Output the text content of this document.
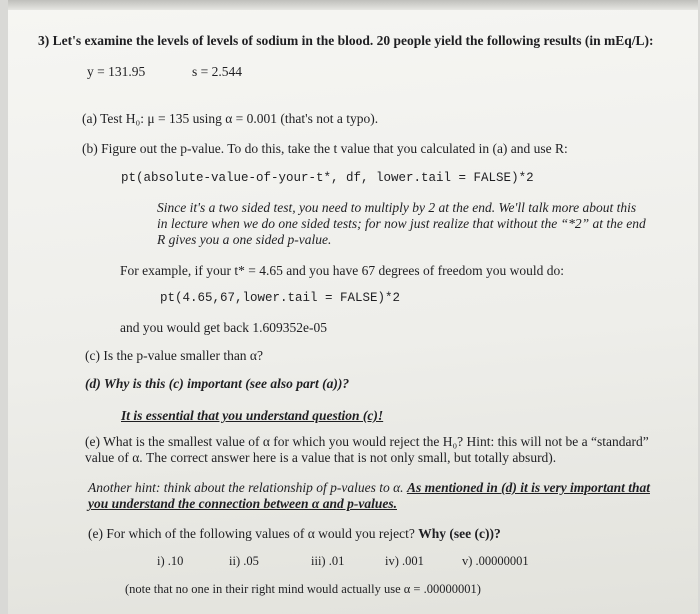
3) Let's examine the levels of levels of sodium in the blood. 20 people yield the following results (in mEq/L):
y = 131.95	s = 2.544
(a) Test H₀: μ = 135 using α = 0.001 (that's not a typo).
(b) Figure out the p-value. To do this, take the t value that you calculated in (a) and use R:
pt(absolute-value-of-your-t*, df, lower.tail = FALSE)*2
Since it's a two sided test, you need to multiply by 2 at the end. We'll talk more about this
in lecture when we do one sided tests; for now just realize that without the “*2” at the end
R gives you a one sided p-value.
For example, if your t* = 4.65 and you have 67 degrees of freedom you would do:
pt(4.65,67,lower.tail = FALSE)*2
and you would get back 1.609352e-05
(c) Is the p-value smaller than α?
(d) Why is this (c) important (see also part (a))?
It is essential that you understand question (c)!
(e) What is the smallest value of α for which you would reject the H₀? Hint: this will not be a “standard”
value of α. The correct answer here is a value that is not only small, but totally absurd).
Another hint: think about the relationship of p-values to α. As mentioned in (d) it is very important that
you understand the connection between α and p-values.
(e) For which of the following values of α would you reject? Why (see (c))?
i) .10	ii) .05	iii) .01	iv) .001	v) .00000001
(note that no one in their right mind would actually use α = .00000001)
